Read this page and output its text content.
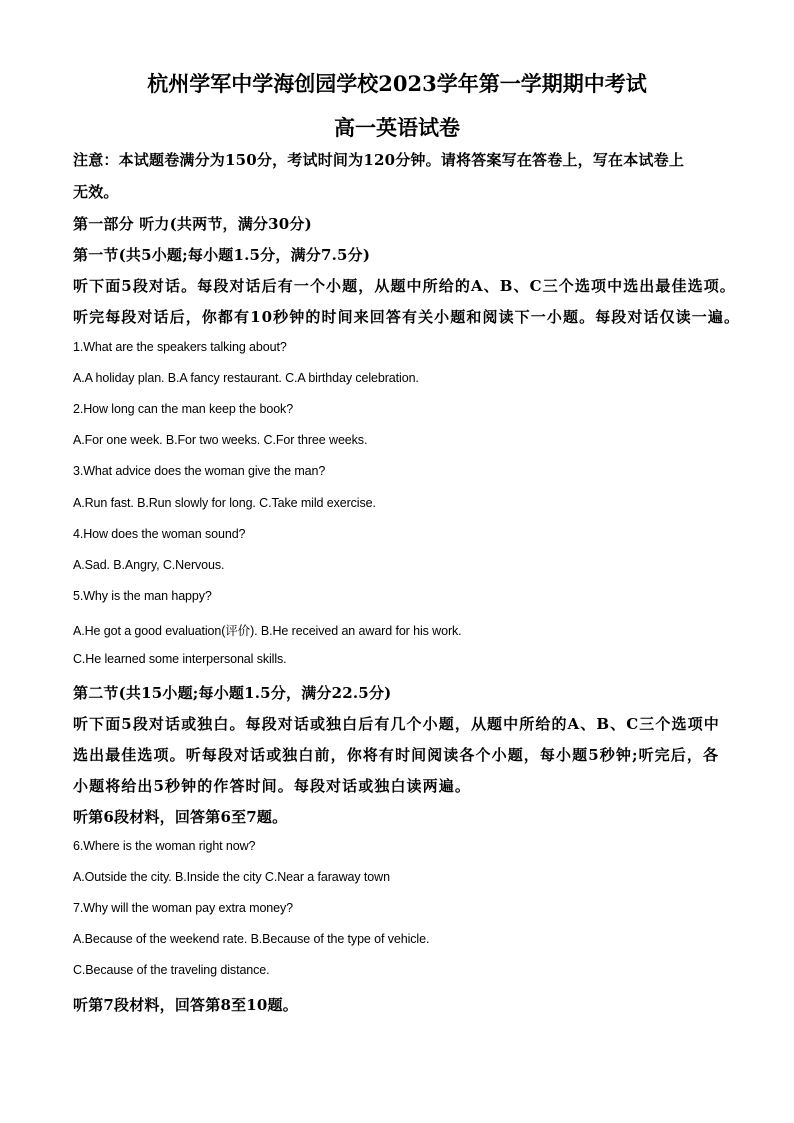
杭州学军中学海创园学校2023学年第一学期期中考试
高一英语试卷
注意：本试题卷满分为150分，考试时间为120分钟。请将答案写在答卷上，写在本试卷上
无效。
第一部分 听力(共两节，满分30分)
第一节(共5小题;每小题1.5分，满分7.5分)
听下面5段对话。每段对话后有一个小题，从题中所给的A、B、C三个选项中选出最佳选项。
听完每段对话后，你都有10秒钟的时间来回答有关小题和阅读下一小题。每段对话仅读一遍。
1.What are the speakers talking about?
A.A holiday plan. B.A fancy restaurant. C.A birthday celebration.
2.How long can the man keep the book?
A.For one week. B.For two weeks. C.For three weeks.
3.What advice does the woman give the man?
A.Run fast. B.Run slowly for long. C.Take mild exercise.
4.How does the woman sound?
A.Sad. B.Angry, C.Nervous.
5.Why is the man happy?
A.He got a good evaluation(评价). B.He received an award for his work.
C.He learned some interpersonal skills.
第二节(共15小题;每小题1.5分，满分22.5分)
听下面5段对话或独白。每段对话或独白后有几个小题，从题中所给的A、B、C三个选项中
选出最佳选项。听每段对话或独白前，你将有时间阅读各个小题，每小题5秒钟;听完后，各
小题将给出5秒钟的作答时间。每段对话或独白读两遍。
听第6段材料，回答第6至7题。
6.Where is the woman right now?
A.Outside the city. B.Inside the city C.Near a faraway town
7.Why will the woman pay extra money?
A.Because of the weekend rate. B.Because of the type of vehicle.
C.Because of the traveling distance.
听第7段材料，回答第8至10题。
